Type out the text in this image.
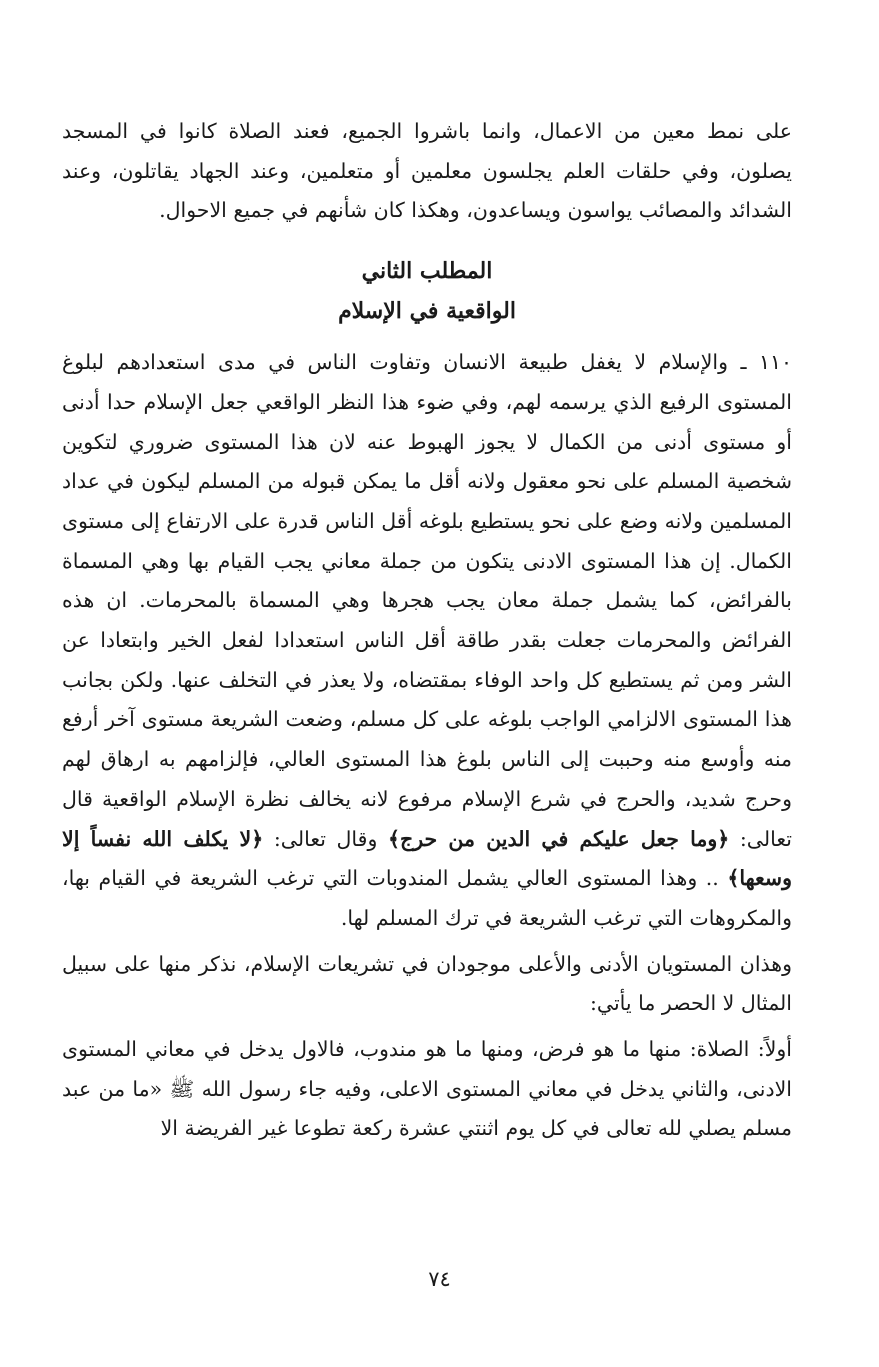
على نمط معين من الاعمال، وانما باشروا الجميع، فعند الصلاة كانوا في المسجد يصلون، وفي حلقات العلم يجلسون معلمين أو متعلمين، وعند الجهاد يقاتلون، وعند الشدائد والمصائب يواسون ويساعدون، وهكذا كان شأنهم في جميع الاحوال.

المطلب الثاني

الواقعية في الإسلام

١١٠ ـ والإسلام لا يغفل طبيعة الانسان وتفاوت الناس في مدى استعدادهم لبلوغ المستوى الرفيع الذي يرسمه لهم، وفي ضوء هذا النظر الواقعي جعل الإسلام حدا أدنى أو مستوى أدنى من الكمال لا يجوز الهبوط عنه لان هذا المستوى ضروري لتكوين شخصية المسلم على نحو معقول ولانه أقل ما يمكن قبوله من المسلم ليكون في عداد المسلمين ولانه وضع على نحو يستطيع بلوغه أقل الناس قدرة على الارتفاع إلى مستوى الكمال. إن هذا المستوى الادنى يتكون من جملة معاني يجب القيام بها وهي المسماة بالفرائض، كما يشمل جملة معان يجب هجرها وهي المسماة بالمحرمات. ان هذه الفرائض والمحرمات جعلت بقدر طاقة أقل الناس استعدادا لفعل الخير وابتعادا عن الشر ومن ثم يستطيع كل واحد الوفاء بمقتضاه، ولا يعذر في التخلف عنها. ولكن بجانب هذا المستوى الالزامي الواجب بلوغه على كل مسلم، وضعت الشريعة مستوى آخر أرفع منه وأوسع منه وحببت إلى الناس بلوغ هذا المستوى العالي، فإلزامهم به ارهاق لهم وحرج شديد، والحرج في شرع الإسلام مرفوع لانه يخالف نظرة الإسلام الواقعية قال تعالى: ﴿وما جعل عليكم في الدين من حرج﴾ وقال تعالى: ﴿لا يكلف الله نفساً إلا وسعها﴾ .. وهذا المستوى العالي يشمل المندوبات التي ترغب الشريعة في القيام بها، والمكروهات التي ترغب الشريعة في ترك المسلم لها.

وهذان المستويان الأدنى والأعلى موجودان في تشريعات الإسلام، نذكر منها على سبيل المثال لا الحصر ما يأتي:

أولاً: الصلاة: منها ما هو فرض، ومنها ما هو مندوب، فالاول يدخل في معاني المستوى الادنى، والثاني يدخل في معاني المستوى الاعلى، وفيه جاء رسول الله ﷺ «ما من عبد مسلم يصلي لله تعالى في كل يوم اثنتي عشرة ركعة تطوعا غير الفريضة الا

٧٤
